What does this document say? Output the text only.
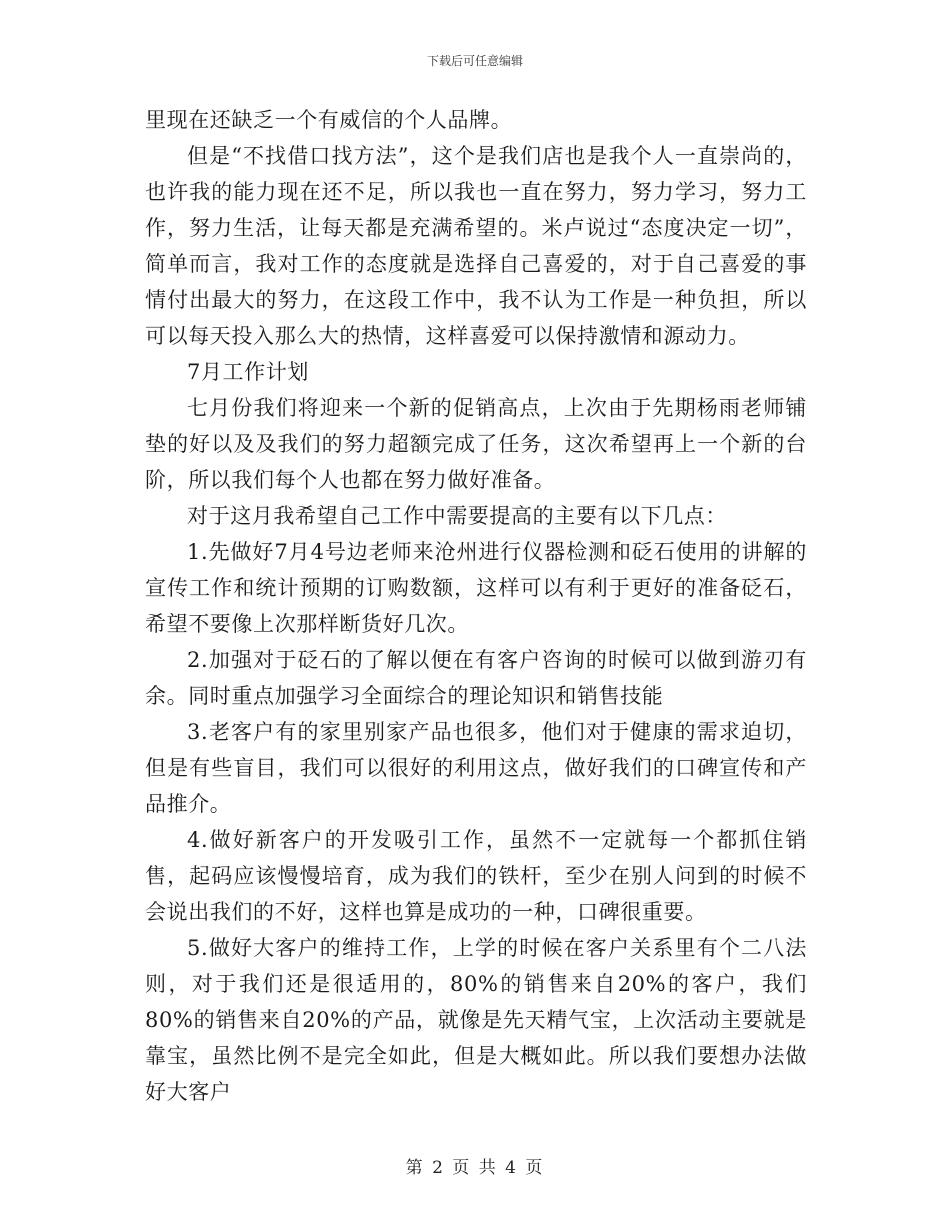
下载后可任意编辑

里现在还缺乏一个有威信的个人品牌。

但是“不找借口找方法”，这个是我们店也是我个人一直崇尚的，也许我的能力现在还不足，所以我也一直在努力，努力学习，努力工作，努力生活，让每天都是充满希望的。米卢说过“态度决定一切”，简单而言，我对工作的态度就是选择自己喜爱的，对于自己喜爱的事情付出最大的努力，在这段工作中，我不认为工作是一种负担，所以可以每天投入那么大的热情，这样喜爱可以保持激情和源动力。

7月工作计划

七月份我们将迎来一个新的促销高点，上次由于先期杨雨老师铺垫的好以及及我们的努力超额完成了任务，这次希望再上一个新的台阶，所以我们每个人也都在努力做好准备。

对于这月我希望自己工作中需要提高的主要有以下几点：

1.先做好7月4号边老师来沧州进行仪器检测和砭石使用的讲解的宣传工作和统计预期的订购数额，这样可以有利于更好的准备砭石，希望不要像上次那样断货好几次。

2.加强对于砭石的了解以便在有客户咨询的时候可以做到游刃有余。同时重点加强学习全面综合的理论知识和销售技能

3.老客户有的家里别家产品也很多，他们对于健康的需求迫切，但是有些盲目，我们可以很好的利用这点，做好我们的口碑宣传和产品推介。

4.做好新客户的开发吸引工作，虽然不一定就每一个都抓住销售，起码应该慢慢培育，成为我们的铁杆，至少在别人问到的时候不会说出我们的不好，这样也算是成功的一种，口碑很重要。

5.做好大客户的维持工作，上学的时候在客户关系里有个二八法则，对于我们还是很适用的，80%的销售来自20%的客户，我们80%的销售来自20%的产品，就像是先天精气宝，上次活动主要就是靠宝，虽然比例不是完全如此，但是大概如此。所以我们要想办法做好大客户

第 2 页 共 4 页
